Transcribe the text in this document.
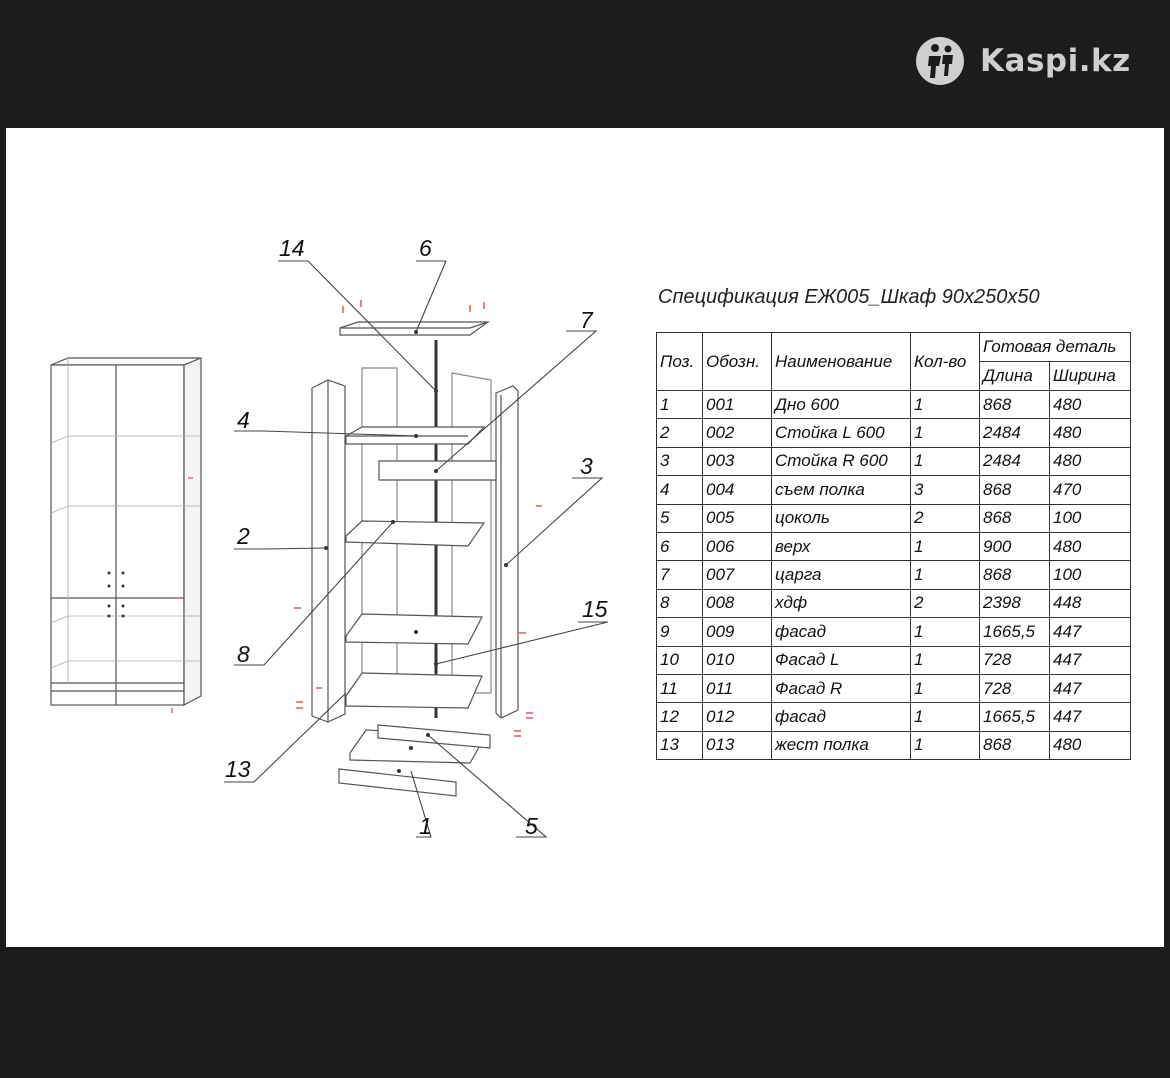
Kaspi.kz
14	6
7
4
3
2
15
8
13
1	5
Спецификация ЕЖ005_Шкаф 90х250х50
Поз.	Обозн.	Наименование	Кол-во	Готовая деталь	
				Длина	Ширина
1	001	Дно 600	1	868	480
2	002	Стойка L 600	1	2484	480
3	003	Стойка R 600	1	2484	480
4	004	съем полка	3	868	470
5	005	цоколь	2	868	100
6	006	верх	1	900	480
7	007	царга	1	868	100
8	008	хдф	2	2398	448
9	009	фасад	1	1665,5	447
10	010	Фасад L	1	728	447
11	011	Фасад R	1	728	447
12	012	фасад	1	1665,5	447
13	013	жест полка	1	868	480
